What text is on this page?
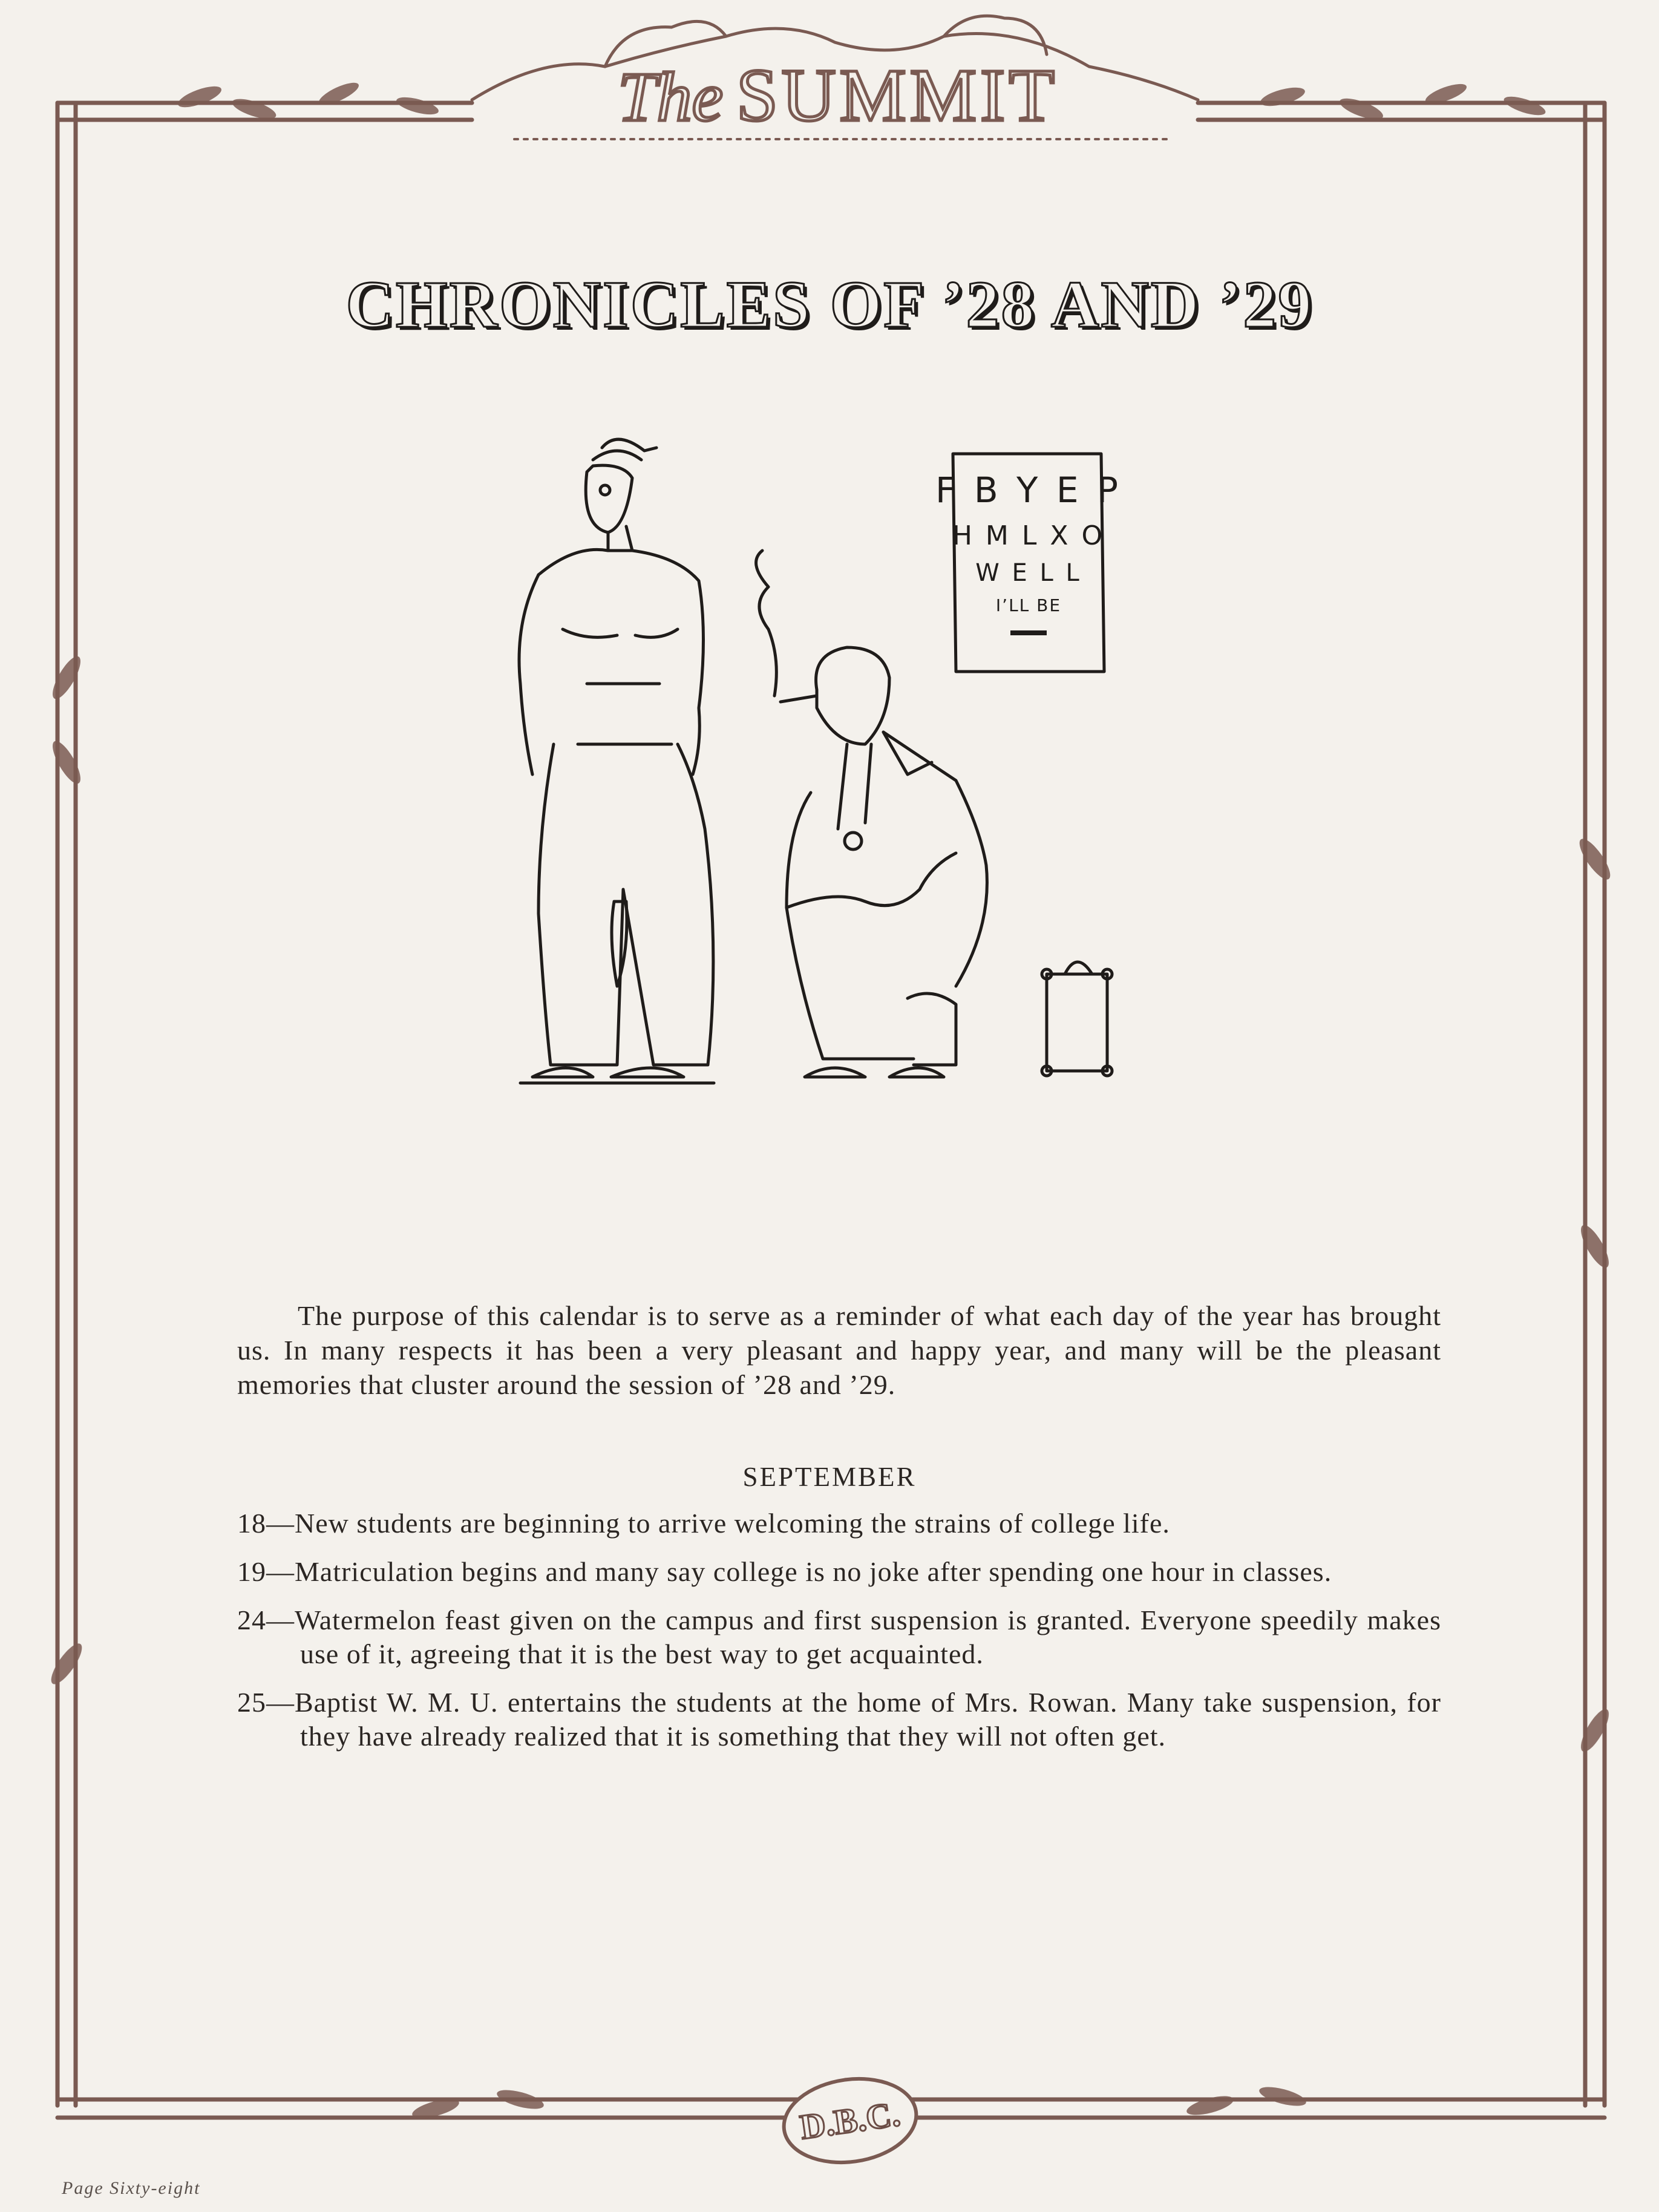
The SUMMIT
CHRONICLES OF ’28 AND ’29
F B Y E P
H M L X O
W E L L
I’LL BE

The purpose of this calendar is to serve as a reminder of what each day of the year has brought us. In many respects it has been a very pleasant and happy year, and many will be the pleasant memories that cluster around the session of ’28 and ’29.

SEPTEMBER
18—New students are beginning to arrive welcoming the strains of college life.
19—Matriculation begins and many say college is no joke after spending one hour in classes.
24—Watermelon feast given on the campus and first suspension is granted. Everyone speedily makes use of it, agreeing that it is the best way to get acquainted.
25—Baptist W. M. U. entertains the students at the home of Mrs. Rowan. Many take suspension, for they have already realized that it is something that they will not often get.
D.B.C.
Page Sixty-eight
